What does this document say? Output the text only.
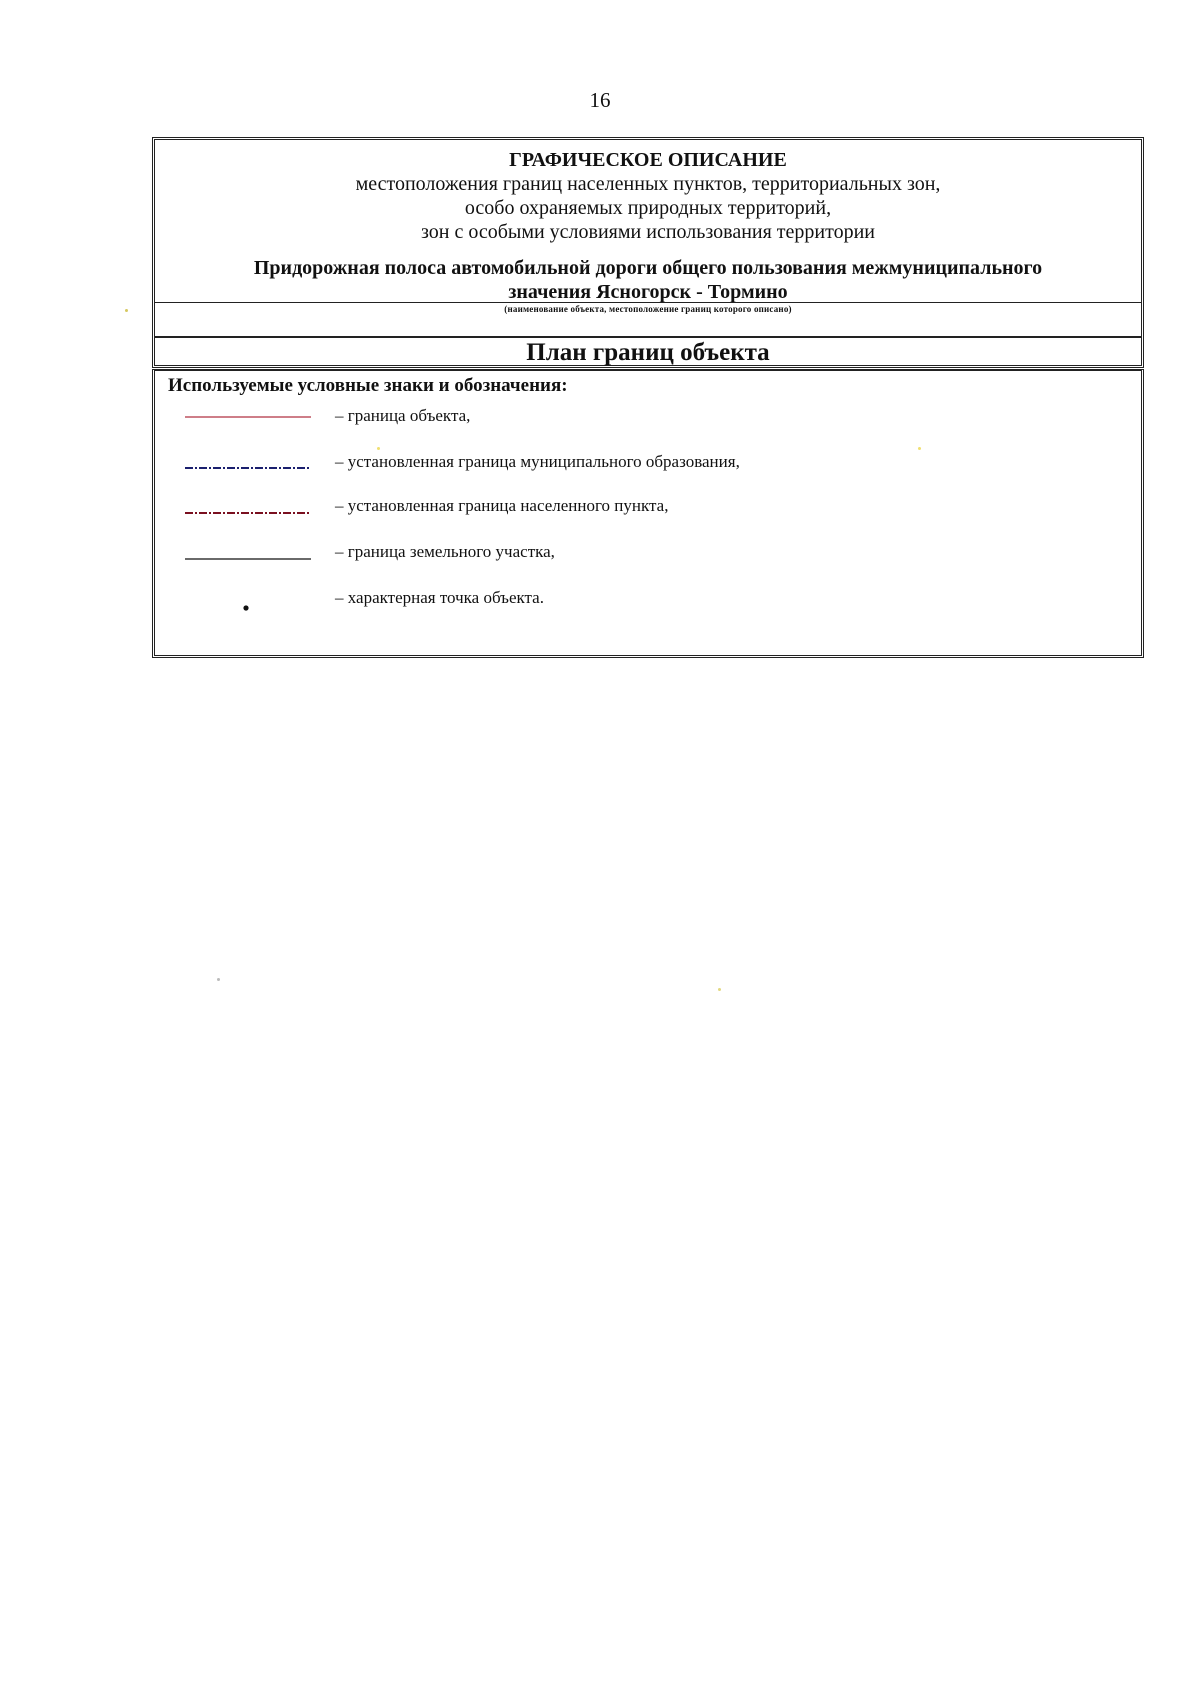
16
ГРАФИЧЕСКОЕ ОПИСАНИЕ
местоположения границ населенных пунктов, территориальных зон,
особо охраняемых природных территорий,
зон с особыми условиями использования территории
Придорожная полоса автомобильной дороги общего пользования межмуниципального
значения Ясногорск - Тормино
(наименование объекта, местоположение границ которого описано)
План границ объекта
Используемые условные знаки и обозначения:
– граница объекта,
– установленная граница муниципального образования,
– установленная граница населенного пункта,
– граница земельного участка,
– характерная точка объекта.
